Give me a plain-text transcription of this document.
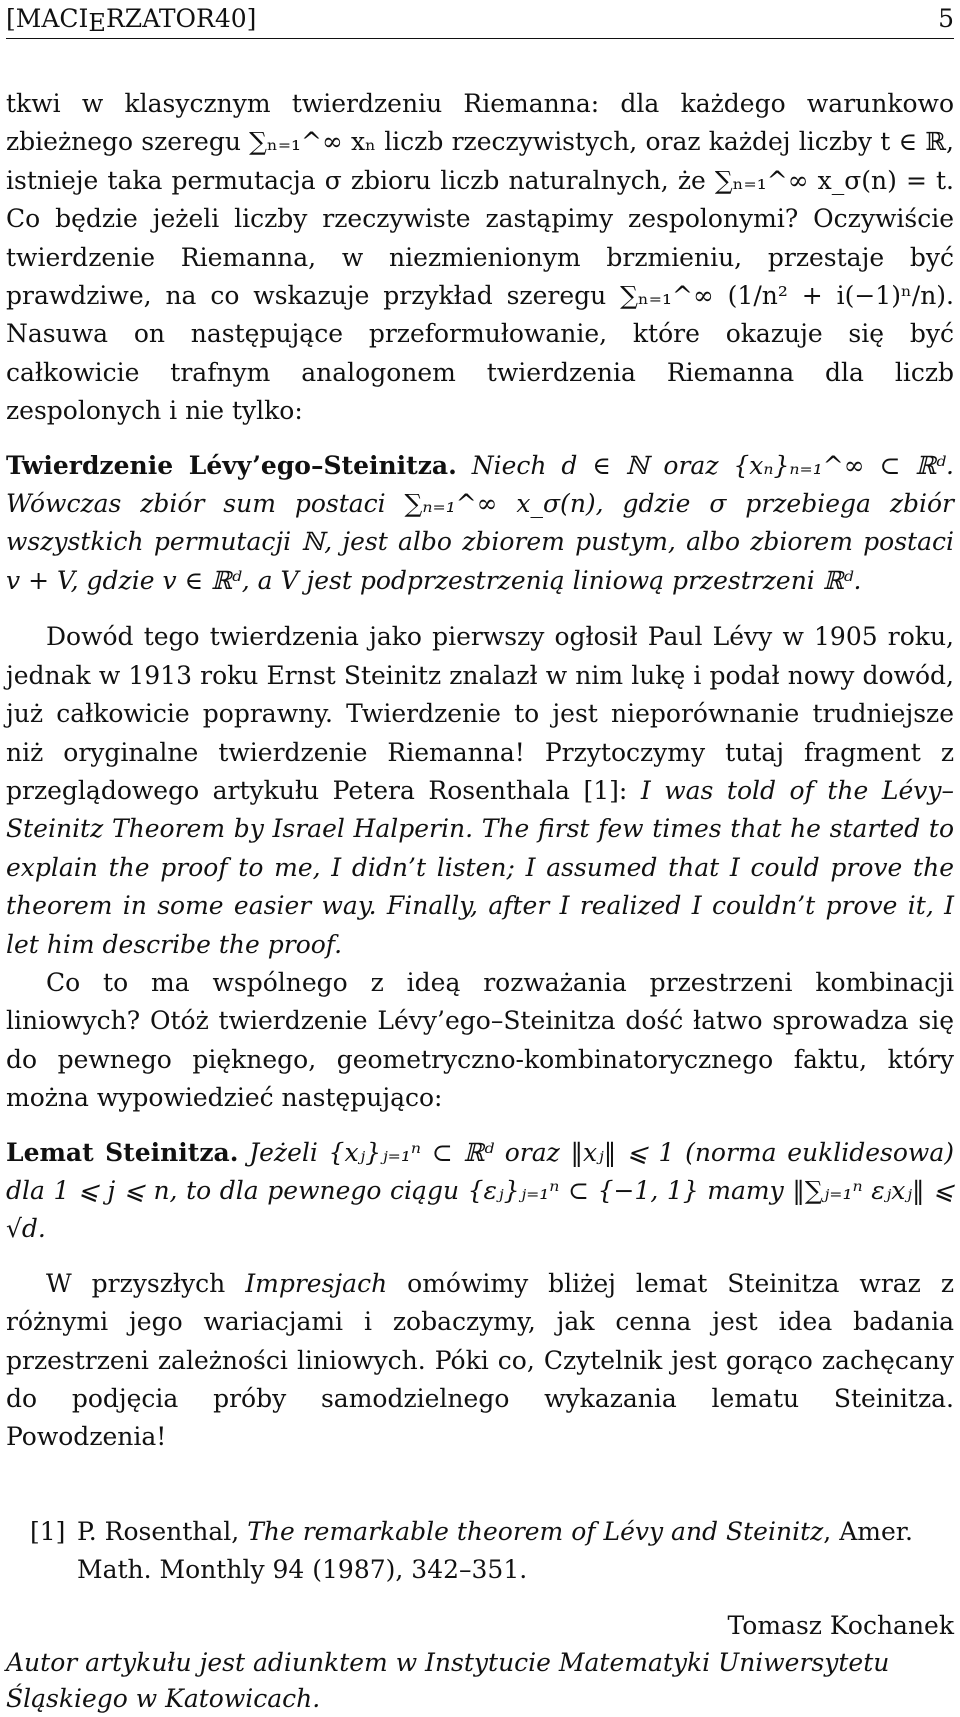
[MACIERZATOR40]	5

tkwi w klasycznym twierdzeniu Riemanna: dla każdego warunkowo zbieżnego szeregu ∑ₙ₌₁^∞ xₙ liczb rzeczywistych, oraz każdej liczby t ∈ ℝ, istnieje taka permutacja σ zbioru liczb naturalnych, że ∑ₙ₌₁^∞ x_σ(n) = t. Co będzie jeżeli liczby rzeczywiste zastąpimy zespolonymi? Oczywiście twierdzenie Riemanna, w niezmienionym brzmieniu, przestaje być prawdziwe, na co wskazuje przykład szeregu ∑ₙ₌₁^∞ (1/n² + i(−1)ⁿ/n). Nasuwa on następujące przeformułowanie, które okazuje się być całkowicie trafnym analogonem twierdzenia Riemanna dla liczb zespolonych i nie tylko:

Twierdzenie Lévy’ego–Steinitza. Niech d ∈ ℕ oraz {xₙ}ₙ₌₁^∞ ⊂ ℝᵈ. Wówczas zbiór sum postaci ∑ₙ₌₁^∞ x_σ(n), gdzie σ przebiega zbiór wszystkich permutacji ℕ, jest albo zbiorem pustym, albo zbiorem postaci v + V, gdzie v ∈ ℝᵈ, a V jest podprzestrzenią liniową przestrzeni ℝᵈ.

Dowód tego twierdzenia jako pierwszy ogłosił Paul Lévy w 1905 roku, jednak w 1913 roku Ernst Steinitz znalazł w nim lukę i podał nowy dowód, już całkowicie poprawny. Twierdzenie to jest nieporównanie trudniejsze niż oryginalne twierdzenie Riemanna! Przytoczymy tutaj fragment z przeglądowego artykułu Petera Rosenthala [1]: I was told of the Lévy–Steinitz Theorem by Israel Halperin. The first few times that he started to explain the proof to me, I didn’t listen; I assumed that I could prove the theorem in some easier way. Finally, after I realized I couldn’t prove it, I let him describe the proof.

Co to ma wspólnego z ideą rozważania przestrzeni kombinacji liniowych? Otóż twierdzenie Lévy’ego–Steinitza dość łatwo sprowadza się do pewnego pięknego, geometryczno-kombinatorycznego faktu, który można wypowiedzieć następująco:

Lemat Steinitza. Jeżeli {xⱼ}ⱼ₌₁ⁿ ⊂ ℝᵈ oraz ‖xⱼ‖ ⩽ 1 (norma euklidesowa) dla 1 ⩽ j ⩽ n, to dla pewnego ciągu {εⱼ}ⱼ₌₁ⁿ ⊂ {−1, 1} mamy ‖∑ⱼ₌₁ⁿ εⱼxⱼ‖ ⩽ √d.

W przyszłych Impresjach omówimy bliżej lemat Steinitza wraz z różnymi jego wariacjami i zobaczymy, jak cenna jest idea badania przestrzeni zależności liniowych. Póki co, Czytelnik jest gorąco zachęcany do podjęcia próby samodzielnego wykazania lematu Steinitza. Powodzenia!

[1] P. Rosenthal, The remarkable theorem of Lévy and Steinitz, Amer. Math. Monthly 94 (1987), 342–351.
Tomasz Kochanek
Autor artykułu jest adiunktem w Instytucie Matematyki Uniwersytetu Śląskiego w Katowicach.
